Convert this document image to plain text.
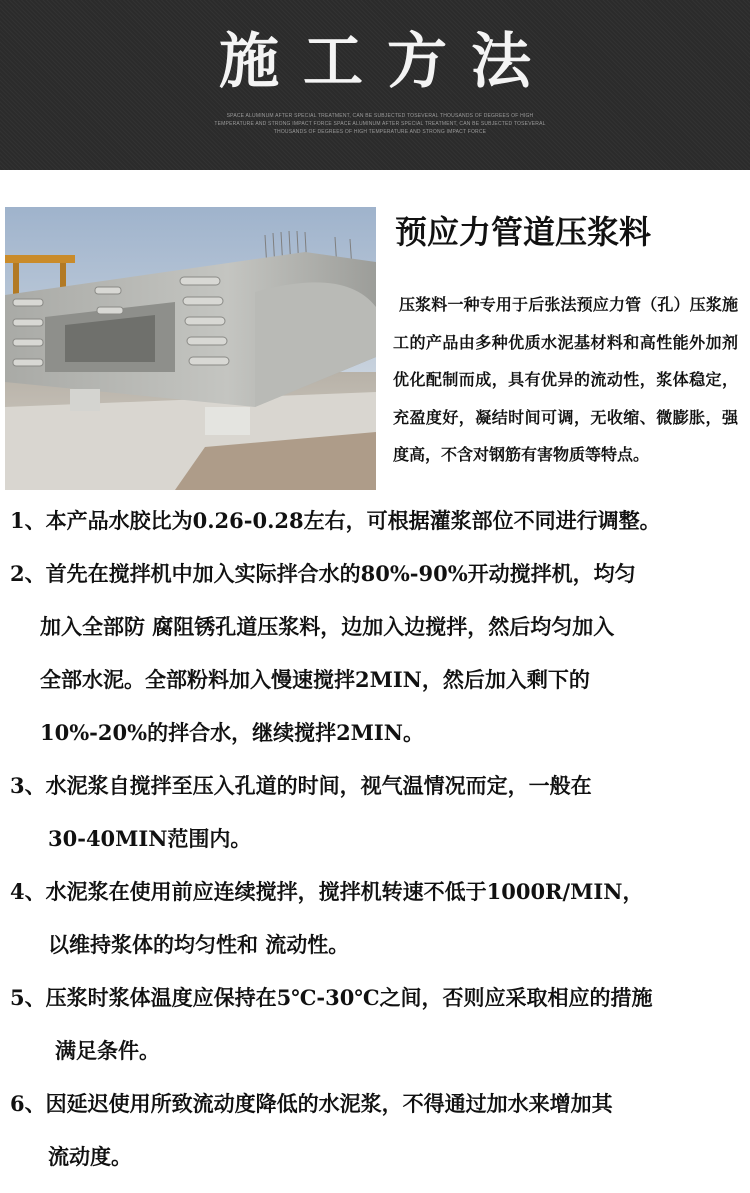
施工方法
SPACE ALUMINUM AFTER SPECIAL TREATMENT, CAN BE SUBJECTED TOSEVERAL THOUSANDS OF DEGREES OF HIGH TEMPERATURE AND STRONG IMPACT FORCE SPACE ALUMINUM AFTER SPECIAL TREATMENT, CAN BE SUBJECTED TOSEVERAL THOUSANDS OF DEGREES OF HIGH TEMPERATURE AND STRONG IMPACT FORCE
预应力管道压浆料
压浆料一种专用于后张法预应力管（孔）压浆施工的产品由多种优质水泥基材料和高性能外加剂优化配制而成，具有优异的流动性，浆体稳定，充盈度好，凝结时间可调，无收缩、微膨胀，强度高，不含对钢筋有害物质等特点。

1、本产品水胶比为0.26-0.28左右，可根据灌浆部位不同进行调整。

2、首先在搅拌机中加入实际拌合水的80%-90%开动搅拌机，均匀
加入全部防 腐阻锈孔道压浆料，边加入边搅拌，然后均匀加入
全部水泥。全部粉料加入慢速搅拌2MIN，然后加入剩下的
10%-20%的拌合水，继续搅拌2MIN。

3、水泥浆自搅拌至压入孔道的时间，视气温情况而定，一般在
30-40MIN范围内。

4、水泥浆在使用前应连续搅拌，搅拌机转速不低于1000R/MIN，
以维持浆体的均匀性和 流动性。

5、压浆时浆体温度应保持在5℃-30℃之间，否则应采取相应的措施
满足条件。

6、因延迟使用所致流动度降低的水泥浆，不得通过加水来增加其
流动度。
